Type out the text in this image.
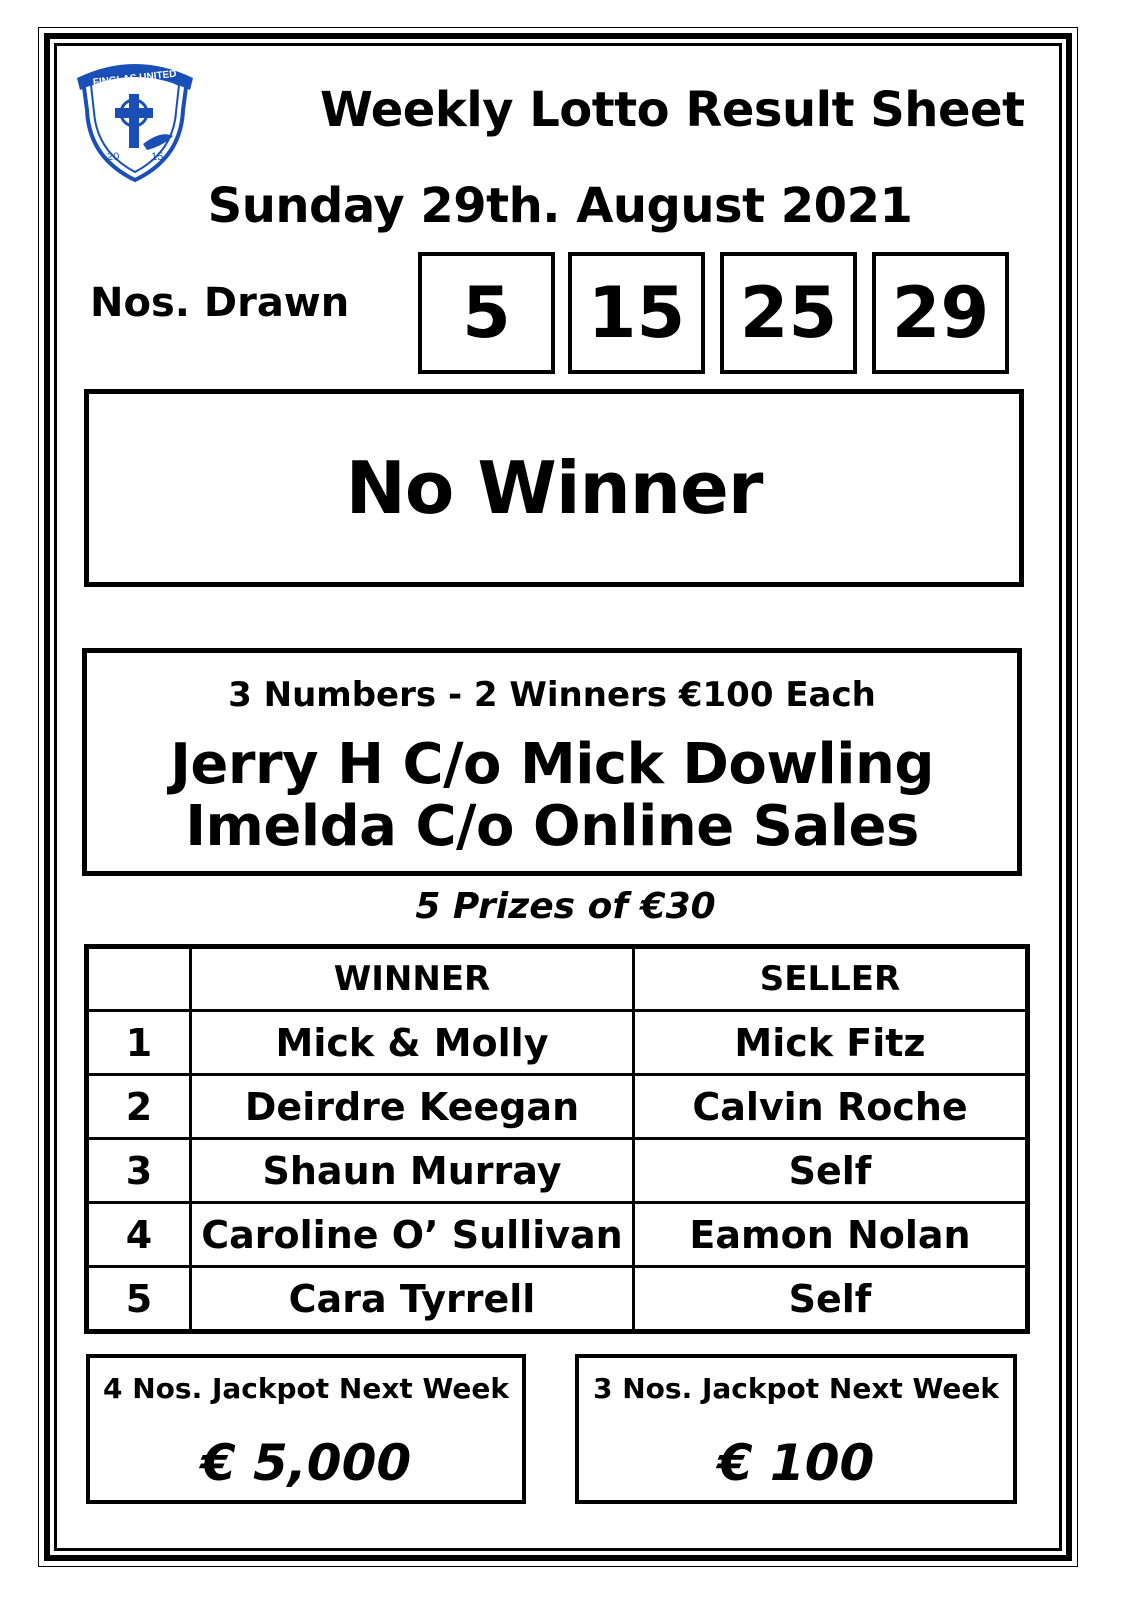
FINGLAS UNITED
20	15
Weekly Lotto Result Sheet
Sunday 29th. August 2021
Nos. Drawn	5	15 25 29
No Winner
3 Numbers - 2 Winners €100 Each
Jerry H C/o Mick Dowling
Imelda C/o Online Sales
5 Prizes of €30
	WINNER	SELLER
1	Mick & Molly	Mick Fitz
2	Deirdre Keegan	Calvin Roche
3	Shaun Murray	Self
4	Caroline O’ Sullivan	Eamon Nolan
5	Cara Tyrrell	Self
4 Nos. Jackpot Next Week
€ 5,000
3 Nos. Jackpot Next Week
€ 100
